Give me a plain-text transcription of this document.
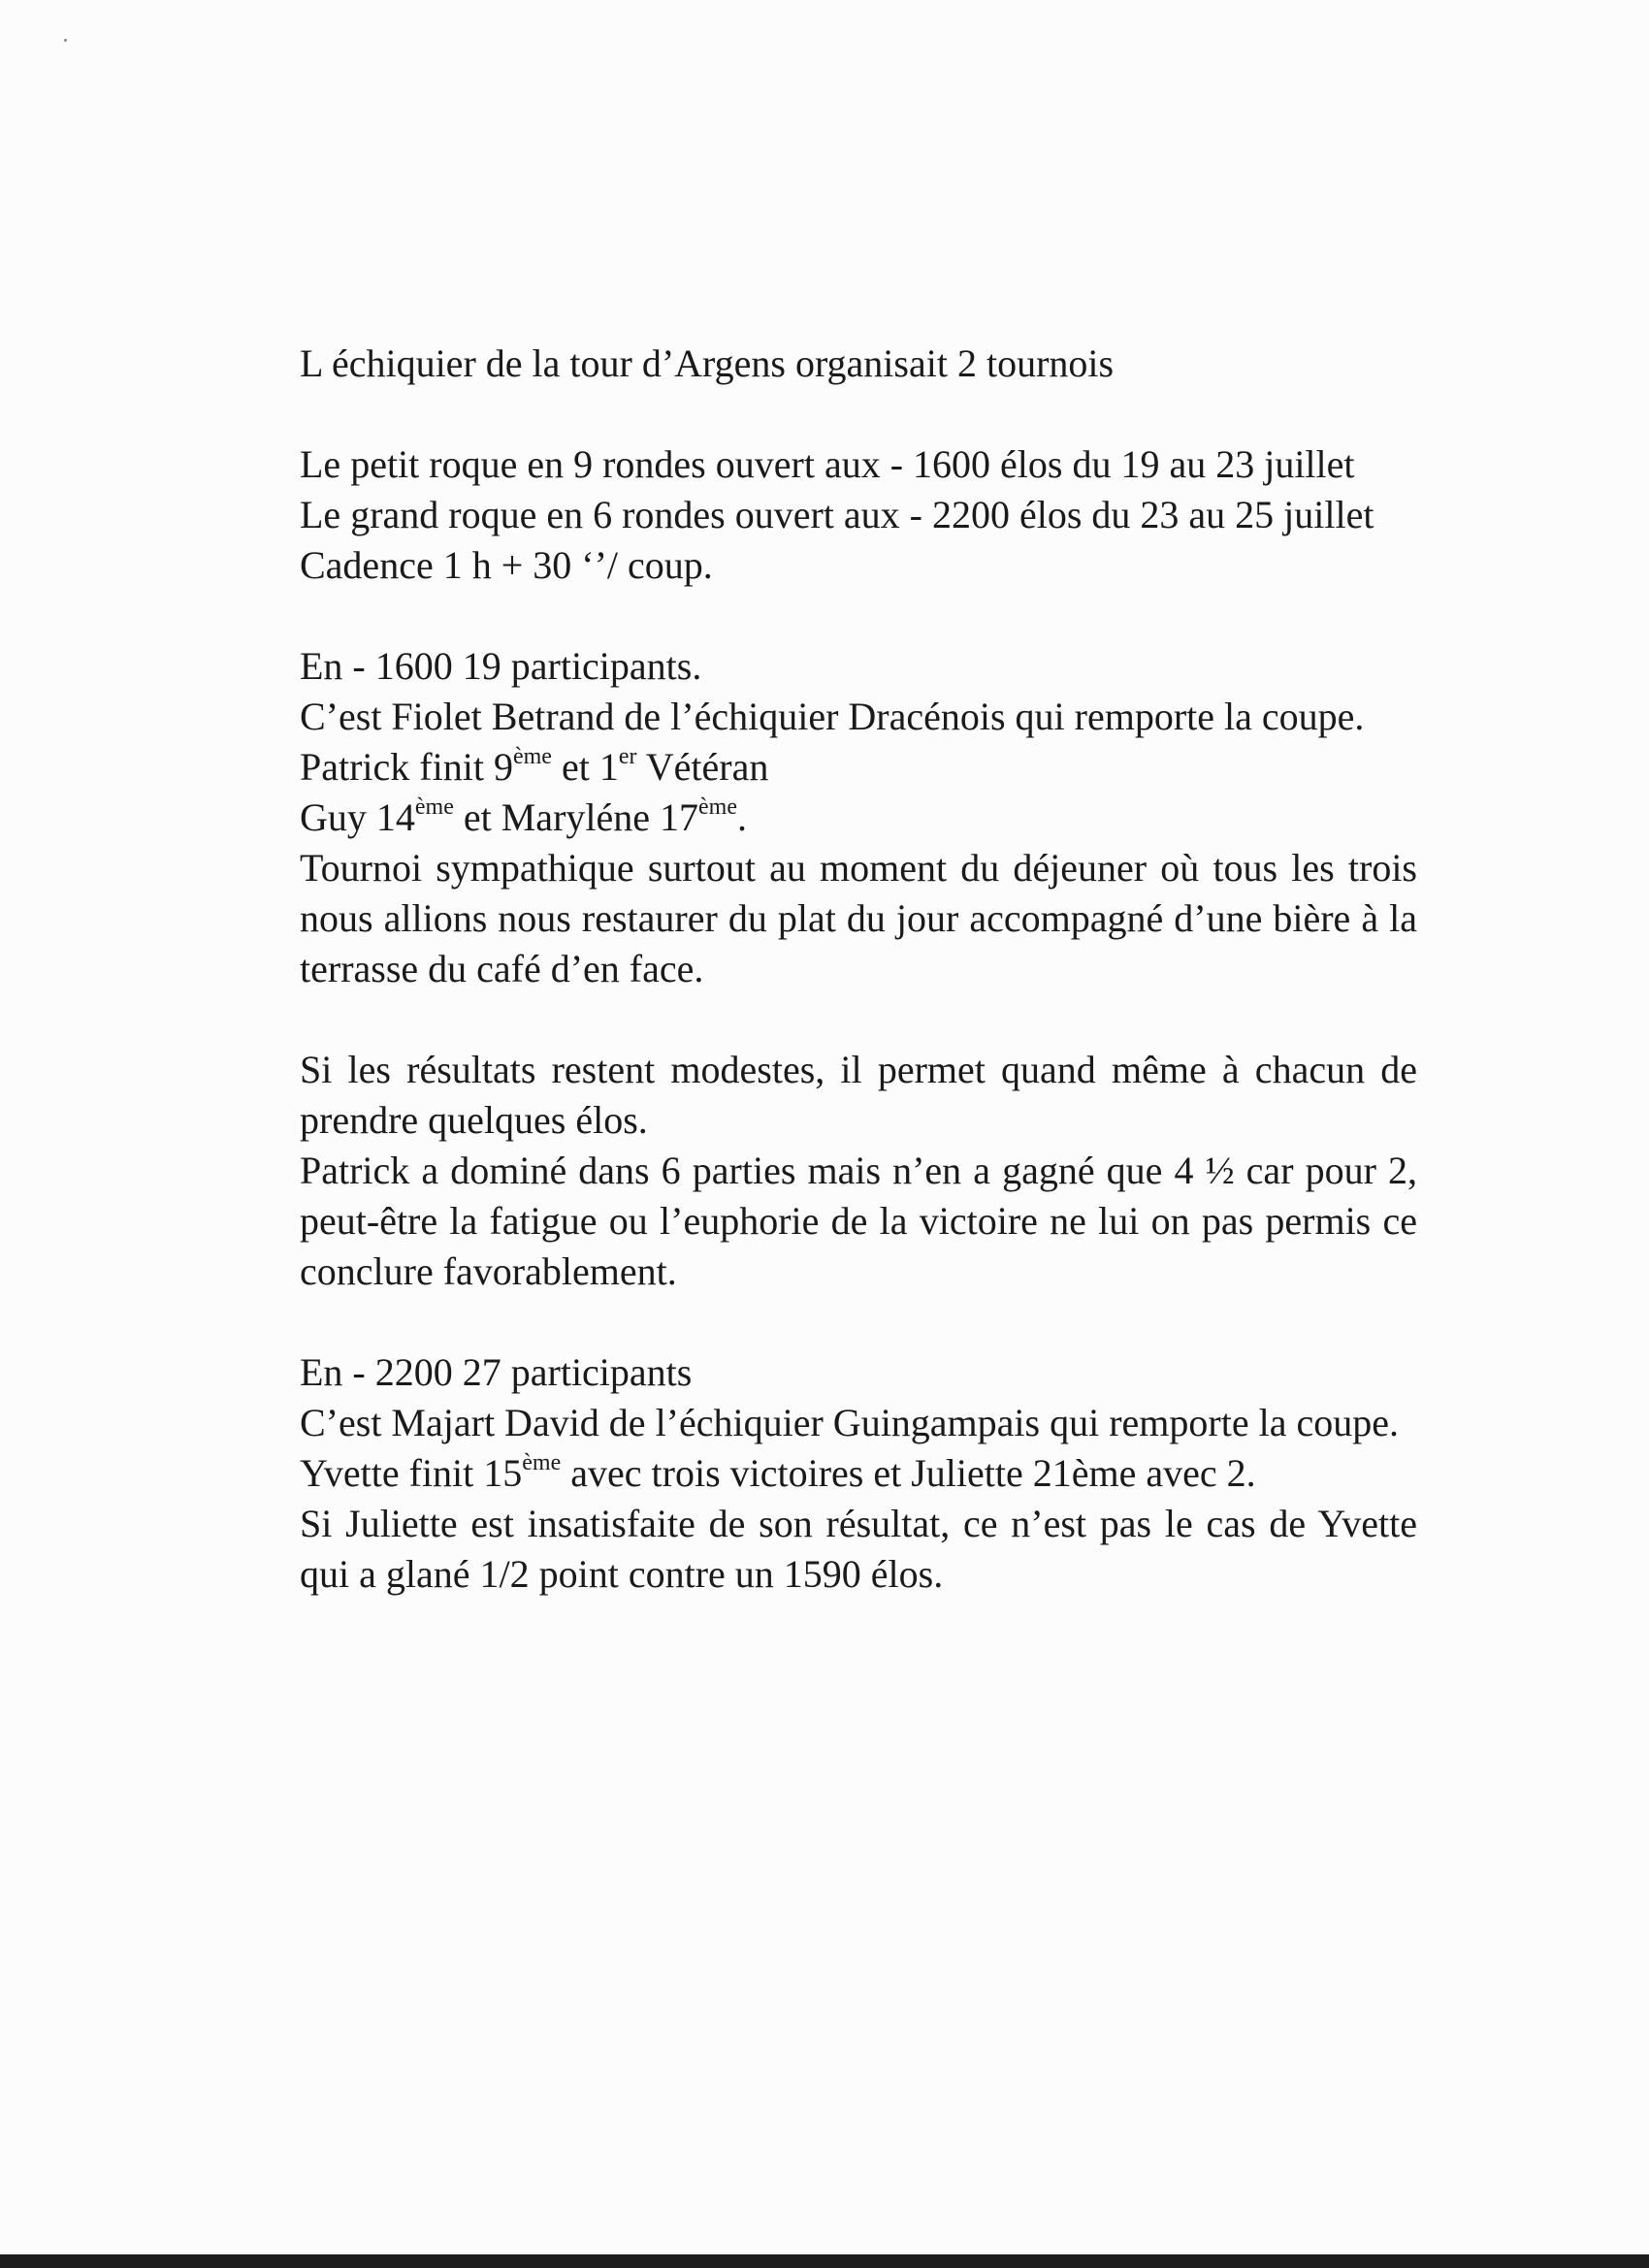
L échiquier de la tour d’Argens organisait 2 tournois

Le petit roque en 9 rondes ouvert aux - 1600 élos du 19 au 23 juillet

Le grand roque en 6 rondes ouvert aux - 2200 élos du 23 au 25 juillet

Cadence 1 h + 30 ‘’/ coup.

En - 1600 19 participants.

C’est Fiolet Betrand de l’échiquier Dracénois qui remporte la coupe.

Patrick finit 9ème et 1er Vétéran

Guy 14ème et Maryléne 17ème.

Tournoi sympathique surtout au moment du déjeuner où tous les trois nous allions nous restaurer du plat du jour accompagné d’une bière à la terrasse du café d’en face.

Si les résultats restent modestes, il permet quand même à chacun de prendre quelques élos.

Patrick a dominé dans 6 parties mais n’en a gagné que 4 ½ car pour 2, peut-être la fatigue ou l’euphorie de la victoire ne lui on pas permis ce conclure favorablement.

En - 2200 27 participants

C’est Majart David de l’échiquier Guingampais qui remporte la coupe.

Yvette finit 15ème avec trois victoires et Juliette 21ème avec 2.

Si Juliette est insatisfaite de son résultat, ce n’est pas le cas de Yvette qui a glané 1/2 point contre un 1590 élos.
